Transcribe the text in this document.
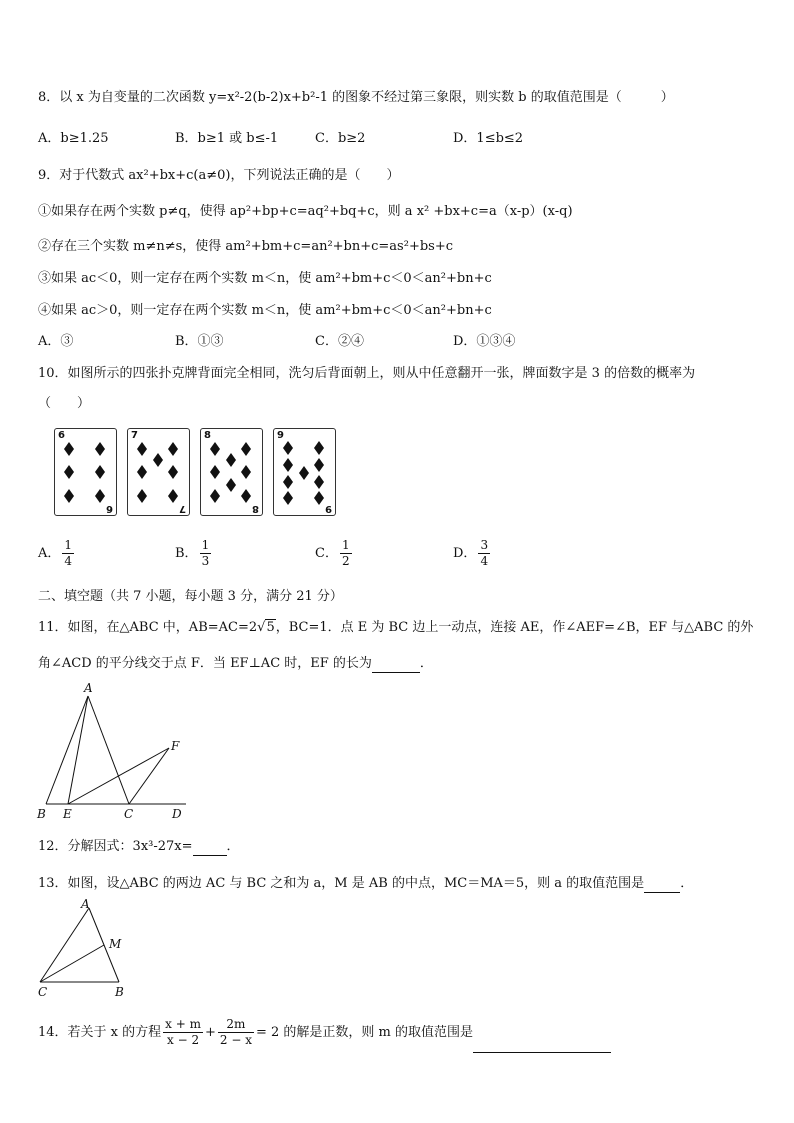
8．以 x 为自变量的二次函数 y=x²-2(b-2)x+b²-1 的图象不经过第三象限，则实数 b 的取值范围是（　　　）
A．b≥1.25	B．b≥1 或 b≤-1	C．b≥2	D．1≤b≤2
9．对于代数式 ax²+bx+c(a≠0)，下列说法正确的是（　　）
①如果存在两个实数 p≠q，使得 ap²+bp+c=aq²+bq+c，则 a x² +bx+c=a（x-p）(x-q)
②存在三个实数 m≠n≠s，使得 am²+bm+c=an²+bn+c=as²+bs+c
③如果 ac＜0，则一定存在两个实数 m＜n，使 am²+bm+c＜0＜an²+bn+c
④如果 ac＞0，则一定存在两个实数 m＜n，使 am²+bm+c＜0＜an²+bn+c
A．③	B．①③	C．②④	D．①③④
10．如图所示的四张扑克牌背面完全相同，洗匀后背面朝上，则从中任意翻开一张，牌面数字是 3 的倍数的概率为
（　　）
6
6
7
7
8
8
9
9
A． $\frac{1}{4}$	B． $\frac{1}{3}$	C． $\frac{1}{2}$	D． $\frac{3}{4}$
二、填空题（共 7 小题，每小题 3 分，满分 21 分）
11．如图，在△ABC 中，AB=AC=2√5，BC=1．点 E 为 BC 边上一动点，连接 AE，作∠AEF=∠B，EF 与△ABC 的外
角∠ACD 的平分线交于点 F．当 EF⊥AC 时，EF 的长为	．
A
B E	C	D
F
12．分解因式：3x³-27x=	．
13．如图，设△ABC 的两边 AC 与 BC 之和为 a，M 是 AB 的中点，MC＝MA＝5，则 a 的取值范围是	．
A
C	B
M
14．若关于 x 的方程 $\frac{x + m}{x - 2} + \frac{2m}{2 - x} = 2$ 的解是正数，则 m 的取值范围是
